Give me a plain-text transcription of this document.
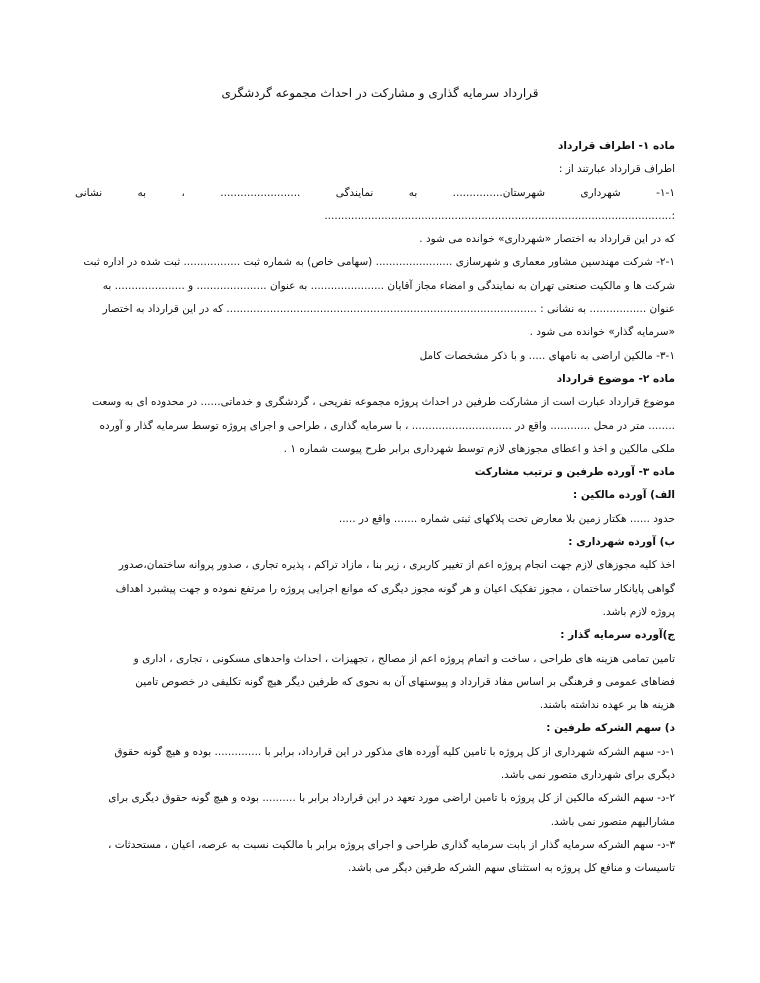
قرارداد سرمایه گذاری و مشارکت در احداث مجموعه گردشگری

ماده ۱- اطراف قرارداد

اطراف قرارداد عبارتند از :

۱-۱- شهرداری شهرستان............... به نمایندگی ........................ ، به نشانی :........................................................................................................

که در این قرارداد به اختصار «شهرداری» خوانده می شود .

۲-۱- شرکت مهندسین مشاور معماری و شهرسازی ....................... (سهامی خاص) به شماره ثبت ................. ثبت شده در اداره ثبت

شرکت ها و مالکیت صنعتی تهران به نمایندگی و امضاء مجاز آقایان ...................... به عنوان ..................... و ..................... به

عنوان ................. به نشانی : ............................................................................................. که در این قرارداد به اختصار

«سرمایه گذار» خوانده می شود .

۳-۱- مالکین اراضی به نامهای ..... و با ذکر مشخصات کامل

ماده ۲- موضوع قرارداد

موضوع قرارداد عبارت است از مشارکت طرفین در احداث پروژه مجموعه تفریحی ، گردشگری و خدماتی...... در محدوده ای به وسعت

........ متر در محل ............ واقع در .............................. ، با سرمایه گذاری ، طراحی و اجرای پروژه توسط سرمایه گذار و آورده

ملکی مالکین و اخذ و اعطای مجوزهای لازم توسط شهرداری برابر طرح پیوست شماره ۱ .

ماده ۳- آورده طرفین و ترتیب مشارکت

الف) آورده مالکین :

حدود ...... هکتار زمین بلا معارض تحت پلاکهای ثبتی شماره ....... واقع در .....

ب) آورده شهرداری :

اخذ کلیه مجوزهای لازم جهت انجام پروژه اعم از تغییر کاربری ، زیر بنا ، مازاد تراکم ، پذیره تجاری ، صدور پروانه ساختمان،صدور

گواهی پایانکار ساختمان ، مجوز تفکیک اعیان و هر گونه مجوز دیگری که موانع اجرایی پروژه را مرتفع نموده و جهت پیشبرد اهداف

پروژه لازم باشد.

ج)آورده سرمایه گذار :

تامین تمامی هزینه های طراحی ، ساخت و اتمام پروژه اعم از مصالح ، تجهیزات ، احداث واحدهای مسکونی ، تجاری ، اداری و

فضاهای عمومی و فرهنگی بر اساس مفاد قرارداد و پیوستهای آن به نحوی که طرفین دیگر هیچ گونه تکلیفی در خصوص تامین

هزینه ها بر عهده نداشته باشند.

د) سهم الشرکه طرفین :

۱-د- سهم الشرکه شهرداری از کل پروژه با تامین کلیه آورده های مذکور در این قرارداد، برابر با .............. بوده و هیچ گونه حقوق

دیگری برای شهرداری متصور نمی باشد.

۲-د- سهم الشرکه مالکین از کل پروژه با تامین اراضی مورد تعهد در این قرارداد برابر با .......... بوده و هیچ گونه حقوق دیگری برای

مشارالیهم متصور نمی باشد.

۳-د- سهم الشرکه سرمایه گذار از بابت سرمایه گذاری طراحی و اجرای پروژه برابر با مالکیت نسبت به عرصه، اعیان ، مستحدثات ،

تاسیسات و منافع کل پروژه به استثنای سهم الشرکه طرفین دیگر می باشد.
